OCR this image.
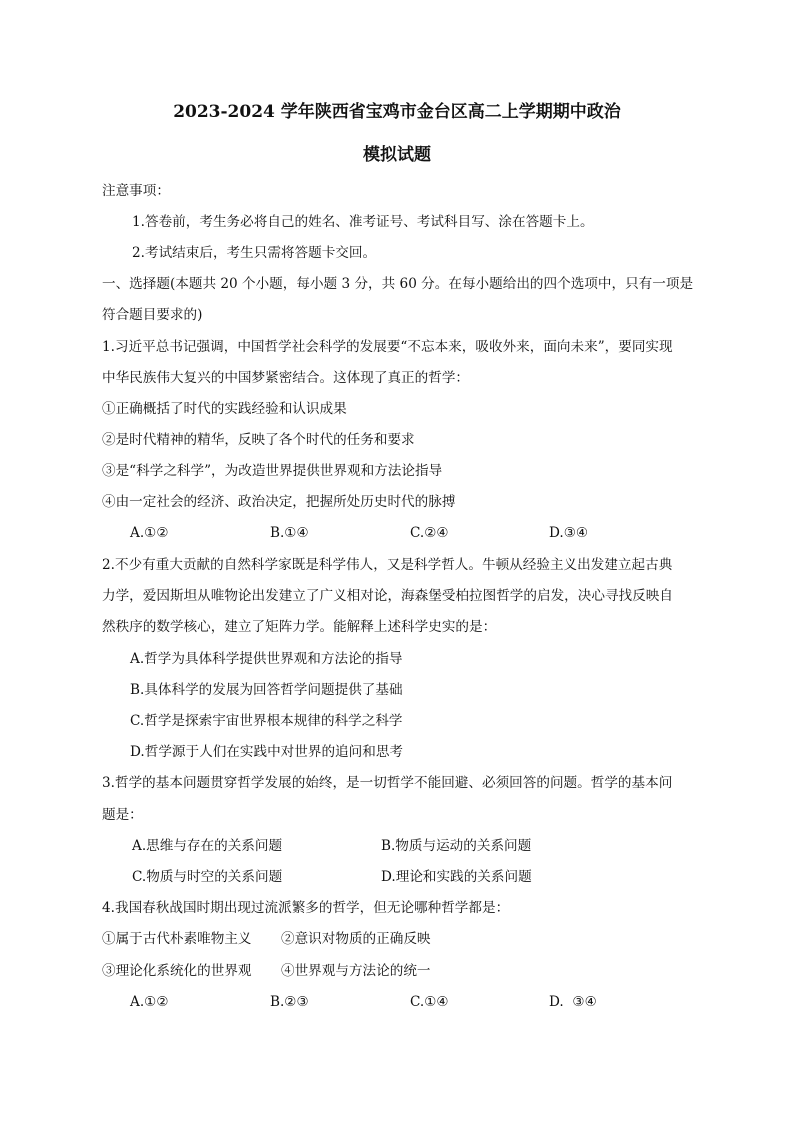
2023-2024 学年陕西省宝鸡市金台区高二上学期期中政治
模拟试题
注意事项：
1.答卷前，考生务必将自己的姓名、准考证号、考试科目写、涂在答题卡上。
2.考试结束后，考生只需将答题卡交回。
一、选择题(本题共 20 个小题，每小题 3 分，共 60 分。在每小题给出的四个选项中，只有一项是
符合题目要求的)
1.习近平总书记强调，中国哲学社会科学的发展要“不忘本来，吸收外来，面向未来”，要同实现
中华民族伟大复兴的中国梦紧密结合。这体现了真正的哲学：
①正确概括了时代的实践经验和认识成果
②是时代精神的精华，反映了各个时代的任务和要求
③是“科学之科学”，为改造世界提供世界观和方法论指导
④由一定社会的经济、政治决定，把握所处历史时代的脉搏
A.①②	B.①④	C.②④	D.③④
2.不少有重大贡献的自然科学家既是科学伟人，又是科学哲人。牛顿从经验主义出发建立起古典
力学，爱因斯坦从唯物论出发建立了广义相对论，海森堡受柏拉图哲学的启发，决心寻找反映自
然秩序的数学核心，建立了矩阵力学。能解释上述科学史实的是：
A.哲学为具体科学提供世界观和方法论的指导
B.具体科学的发展为回答哲学问题提供了基础
C.哲学是探索宇宙世界根本规律的科学之科学
D.哲学源于人们在实践中对世界的追问和思考
3.哲学的基本问题贯穿哲学发展的始终，是一切哲学不能回避、必须回答的问题。哲学的基本问
题是：
A.思维与存在的关系问题	B.物质与运动的关系问题
C.物质与时空的关系问题	D.理论和实践的关系问题
4.我国春秋战国时期出现过流派繁多的哲学，但无论哪种哲学都是：
①属于古代朴素唯物主义 ②意识对物质的正确反映
③理论化系统化的世界观 ④世界观与方法论的统一
A.①②	B.②③	C.①④	D.  ③④
